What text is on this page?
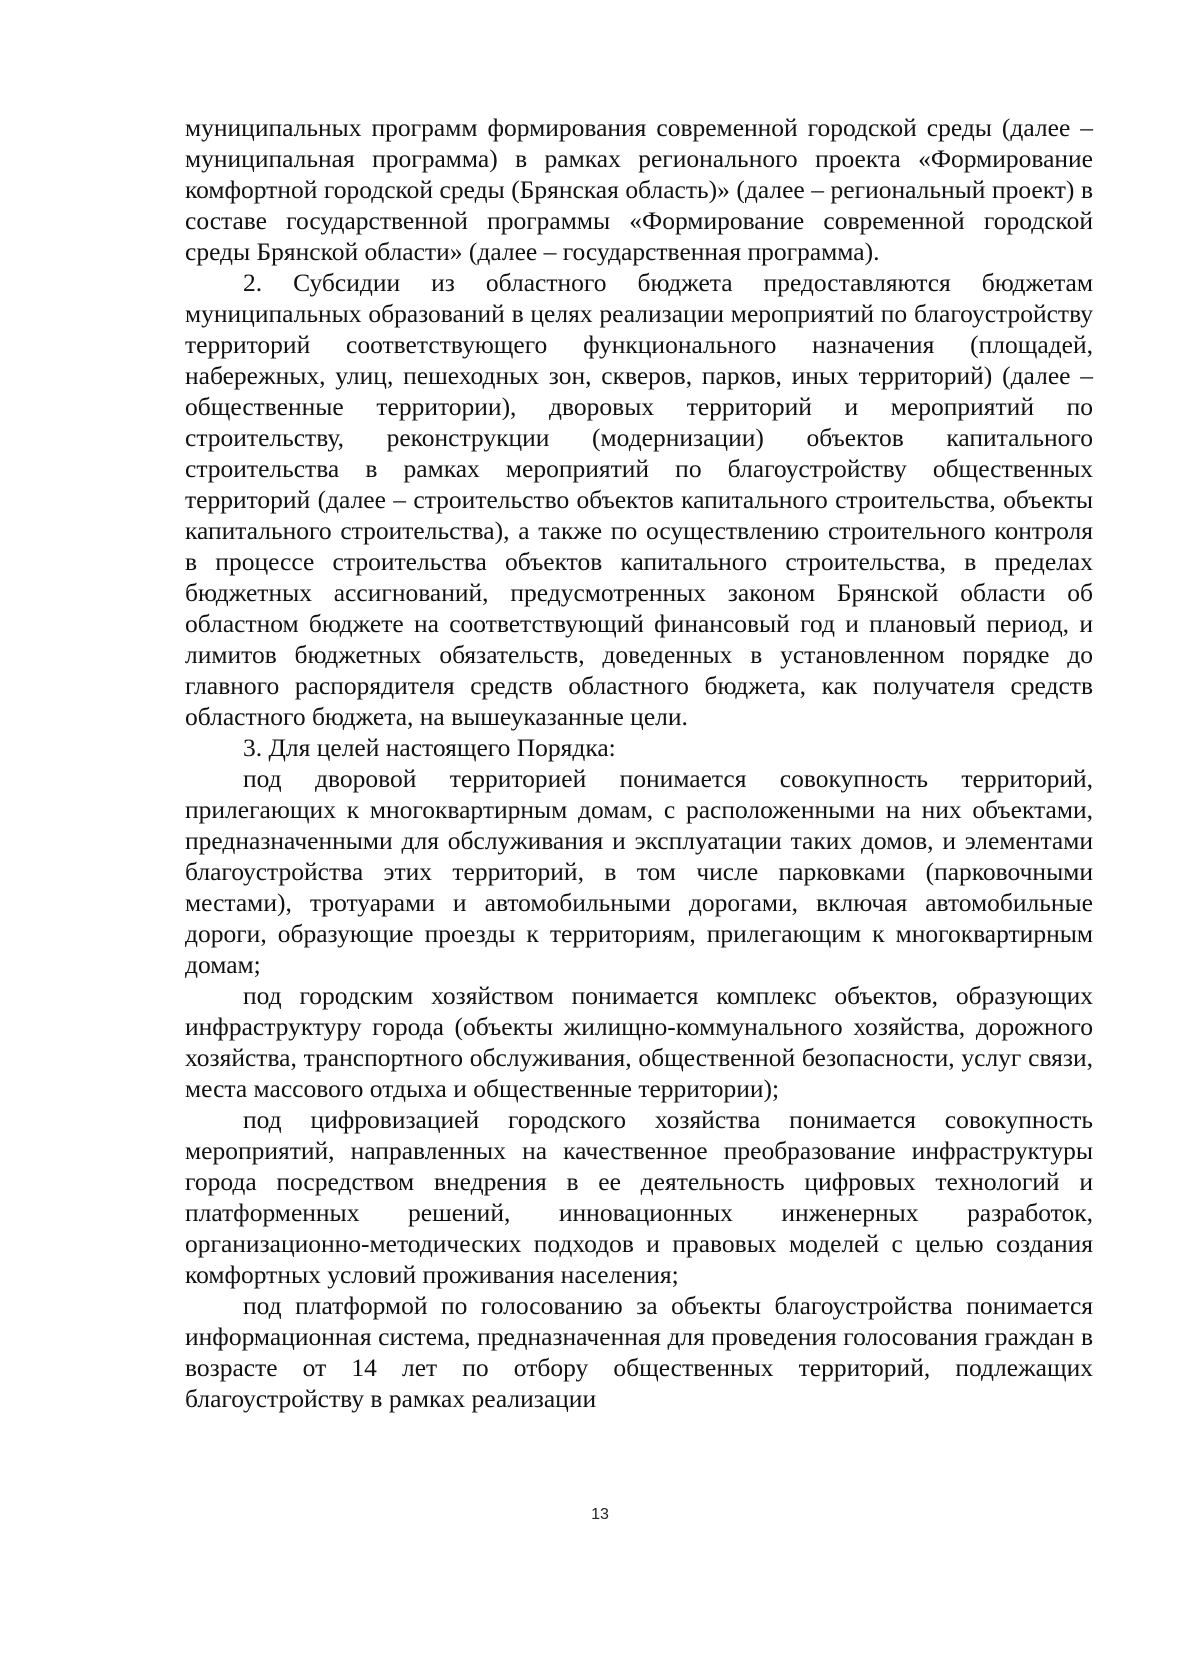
муниципальных программ формирования современной городской среды (далее – муниципальная программа) в рамках регионального проекта «Формирование комфортной городской среды (Брянская область)» (далее – региональный проект) в составе государственной программы «Формирование современной городской среды Брянской области» (далее – государственная программа).

2. Субсидии из областного бюджета предоставляются бюджетам муниципальных образований в целях реализации мероприятий по благоустройству территорий соответствующего функционального назначения (площадей, набережных, улиц, пешеходных зон, скверов, парков, иных территорий) (далее – общественные территории), дворовых территорий и мероприятий по строительству, реконструкции (модернизации) объектов капитального строительства в рамках мероприятий по благоустройству общественных территорий (далее – строительство объектов капитального строительства, объекты капитального строительства), а также по осуществлению строительного контроля в процессе строительства объектов капитального строительства, в пределах бюджетных ассигнований, предусмотренных законом Брянской области об областном бюджете на соответствующий финансовый год и плановый период, и лимитов бюджетных обязательств, доведенных в установленном порядке до главного распорядителя средств областного бюджета, как получателя средств областного бюджета, на вышеуказанные цели.

3. Для целей настоящего Порядка:

под дворовой территорией понимается совокупность территорий, прилегающих к многоквартирным домам, с расположенными на них объектами, предназначенными для обслуживания и эксплуатации таких домов, и элементами благоустройства этих территорий, в том числе парковками (парковочными местами), тротуарами и автомобильными дорогами, включая автомобильные дороги, образующие проезды к территориям, прилегающим к многоквартирным домам;

под городским хозяйством понимается комплекс объектов, образующих инфраструктуру города (объекты жилищно-коммунального хозяйства, дорожного хозяйства, транспортного обслуживания, общественной безопасности, услуг связи, места массового отдыха и общественные территории);

под цифровизацией городского хозяйства понимается совокупность мероприятий, направленных на качественное преобразование инфраструктуры города посредством внедрения в ее деятельность цифровых технологий и платформенных решений, инновационных инженерных разработок, организационно-методических подходов и правовых моделей с целью создания комфортных условий проживания населения;

под платформой по голосованию за объекты благоустройства понимается информационная система, предназначенная для проведения голосования граждан в возрасте от 14 лет по отбору общественных территорий, подлежащих благоустройству в рамках реализации

13
